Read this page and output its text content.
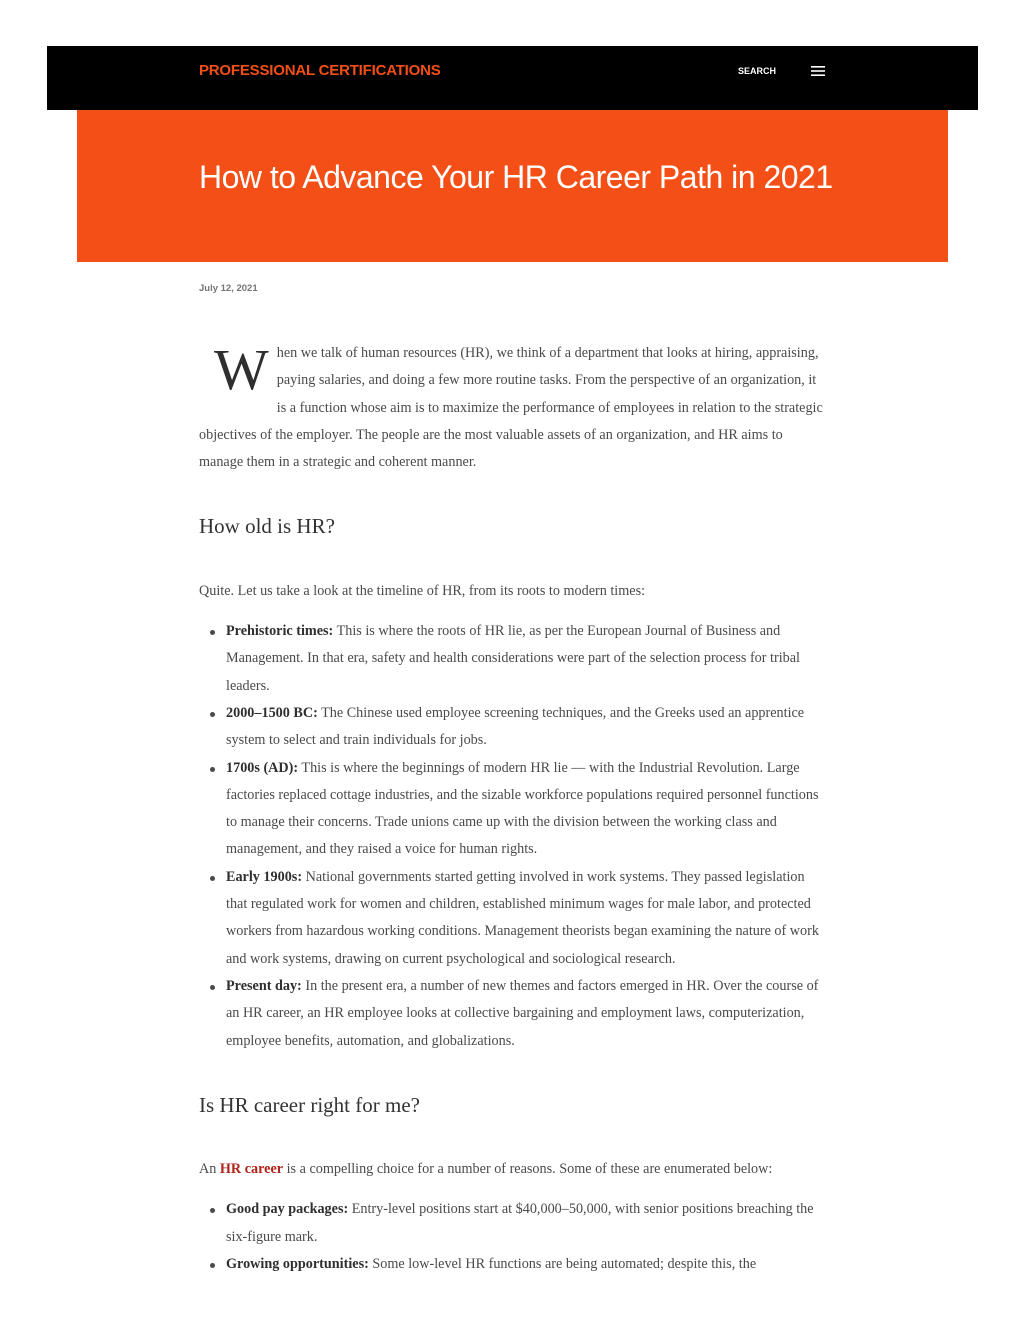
PROFESSIONAL CERTIFICATIONS	SEARCH
How to Advance Your HR Career Path in 2021
July 12, 2021

When we talk of human resources (HR), we think of a department that looks at hiring, appraising, paying salaries, and doing a few more routine tasks. From the perspective of an organization, it is a function whose aim is to maximize the performance of employees in relation to the strategic objectives of the employer. The people are the most valuable assets of an organization, and HR aims to manage them in a strategic and coherent manner.

How old is HR?

Quite. Let us take a look at the timeline of HR, from its roots to modern times:

Prehistoric times: This is where the roots of HR lie, as per the European Journal of Business and Management. In that era, safety and health considerations were part of the selection process for tribal leaders.
2000–1500 BC: The Chinese used employee screening techniques, and the Greeks used an apprentice system to select and train individuals for jobs.
1700s (AD): This is where the beginnings of modern HR lie — with the Industrial Revolution. Large factories replaced cottage industries, and the sizable workforce populations required personnel functions to manage their concerns. Trade unions came up with the division between the working class and management, and they raised a voice for human rights.
Early 1900s: National governments started getting involved in work systems. They passed legislation that regulated work for women and children, established minimum wages for male labor, and protected workers from hazardous working conditions. Management theorists began examining the nature of work and work systems, drawing on current psychological and sociological research.
Present day: In the present era, a number of new themes and factors emerged in HR. Over the course of an HR career, an HR employee looks at collective bargaining and employment laws, computerization, employee benefits, automation, and globalizations.
Is HR career right for me?

An HR career is a compelling choice for a number of reasons. Some of these are enumerated below:

Good pay packages: Entry-level positions start at $40,000–50,000, with senior positions breaching the six-figure mark.
Growing opportunities: Some low-level HR functions are being automated; despite this, the
